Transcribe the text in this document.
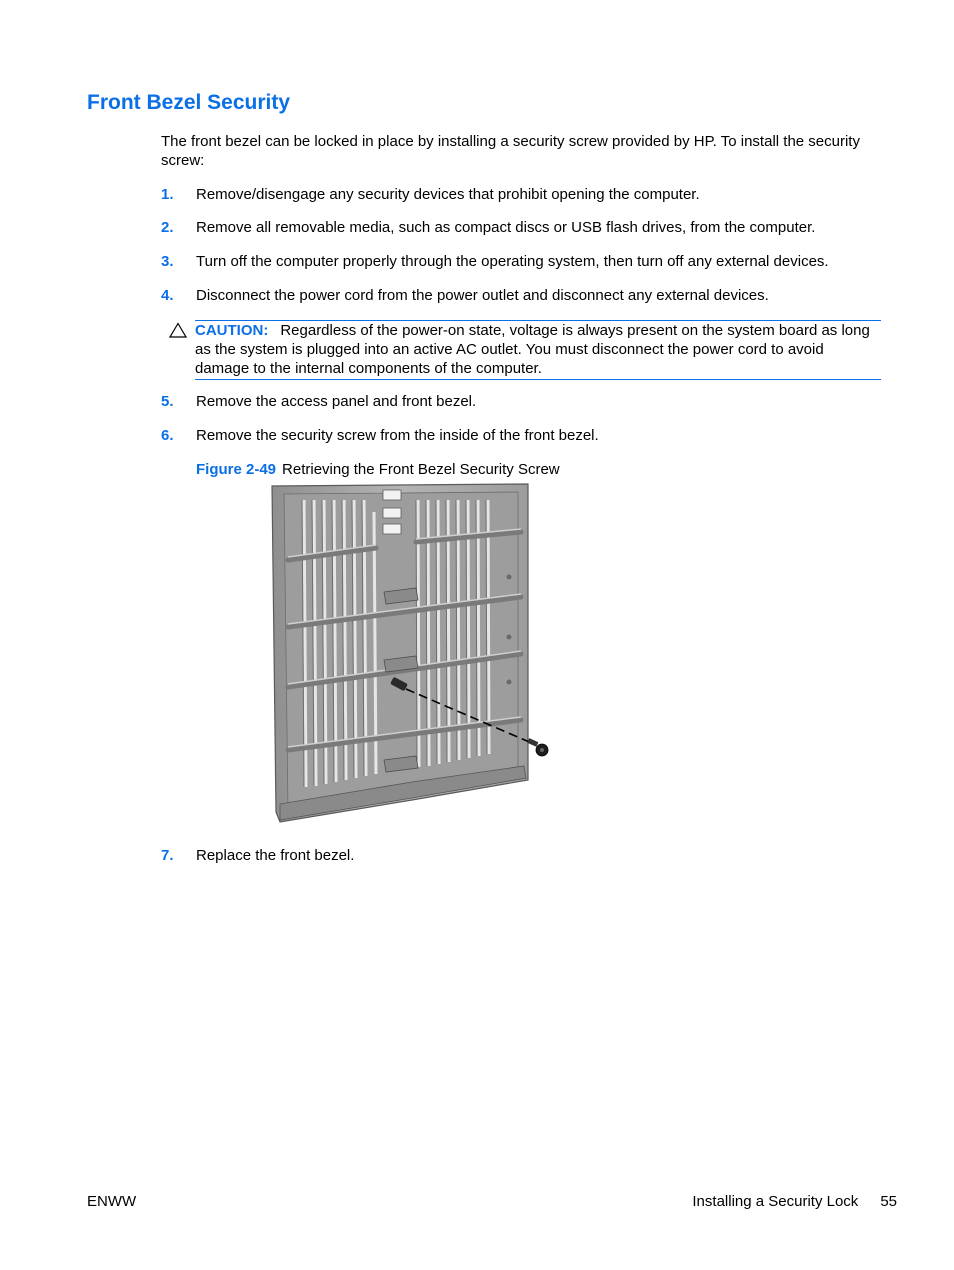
Front Bezel Security

The front bezel can be locked in place by installing a security screw provided by HP. To install the security screw:

1. Remove/disengage any security devices that prohibit opening the computer.
2. Remove all removable media, such as compact discs or USB flash drives, from the computer.
3. Turn off the computer properly through the operating system, then turn off any external devices.
4. Disconnect the power cord from the power outlet and disconnect any external devices.
CAUTION: Regardless of the power-on state, voltage is always present on the system board as long as the system is plugged into an active AC outlet. You must disconnect the power cord to avoid damage to the internal components of the computer.
5. Remove the access panel and front bezel.
6. Remove the security screw from the inside of the front bezel.
Figure 2-49 Retrieving the Front Bezel Security Screw
7. Replace the front bezel.
ENWW	Installing a Security Lock 55
